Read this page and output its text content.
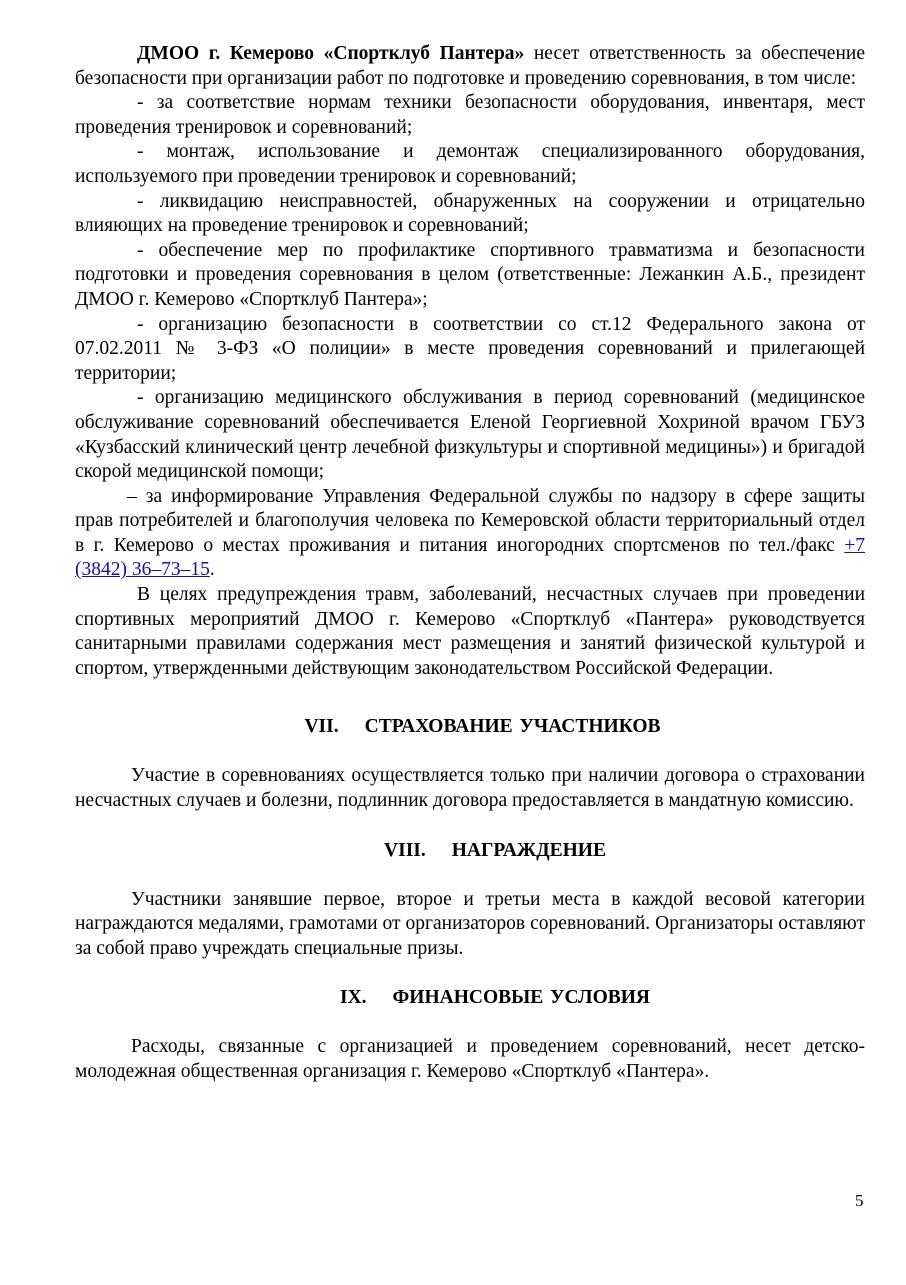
ДМОО г. Кемерово «Спортклуб Пантера» несет ответственность за обеспечение безопасности при организации работ по подготовке и проведению соревнования, в том числе:

- за соответствие нормам техники безопасности оборудования, инвентаря, мест проведения тренировок и соревнований;

- монтаж, использование и демонтаж специализированного оборудования, используемого при проведении тренировок и соревнований;

- ликвидацию неисправностей, обнаруженных на сооружении и отрицательно влияющих на проведение тренировок и соревнований;

- обеспечение мер по профилактике спортивного травматизма и безопасности подготовки и проведения соревнования в целом (ответственные: Лежанкин А.Б., президент ДМОО г. Кемерово «Спортклуб Пантера»;

- организацию безопасности в соответствии со ст.12 Федерального закона от 07.02.2011 № 3-ФЗ «О полиции» в месте проведения соревнований и прилегающей территории;

- организацию медицинского обслуживания в период соревнований (медицинское обслуживание соревнований обеспечивается Еленой Георгиевной Хохриной врачом ГБУЗ «Кузбасский клинический центр лечебной физкультуры и спортивной медицины») и бригадой скорой медицинской помощи;

– за информирование Управления Федеральной службы по надзору в сфере защиты прав потребителей и благополучия человека по Кемеровской области территориальный отдел в г. Кемерово о местах проживания и питания иногородних спортсменов по тел./факс +7 (3842) 36–73–15.

В целях предупреждения травм, заболеваний, несчастных случаев при проведении спортивных мероприятий ДМОО г. Кемерово «Спортклуб «Пантера» руководствуется санитарными правилами содержания мест размещения и занятий физической культурой и спортом, утвержденными действующим законодательством Российской Федерации.

VII. СТРАХОВАНИЕ УЧАСТНИКОВ

Участие в соревнованиях осуществляется только при наличии договора о страховании несчастных случаев и болезни, подлинник договора предоставляется в мандатную комиссию.

VIII. НАГРАЖДЕНИЕ

Участники занявшие первое, второе и третьи места в каждой весовой категории награждаются медалями, грамотами от организаторов соревнований. Организаторы оставляют за собой право учреждать специальные призы.

IX. ФИНАНСОВЫЕ УСЛОВИЯ

Расходы, связанные с организацией и проведением соревнований, несет детско-молодежная общественная организация г. Кемерово «Спортклуб «Пантера».

5
